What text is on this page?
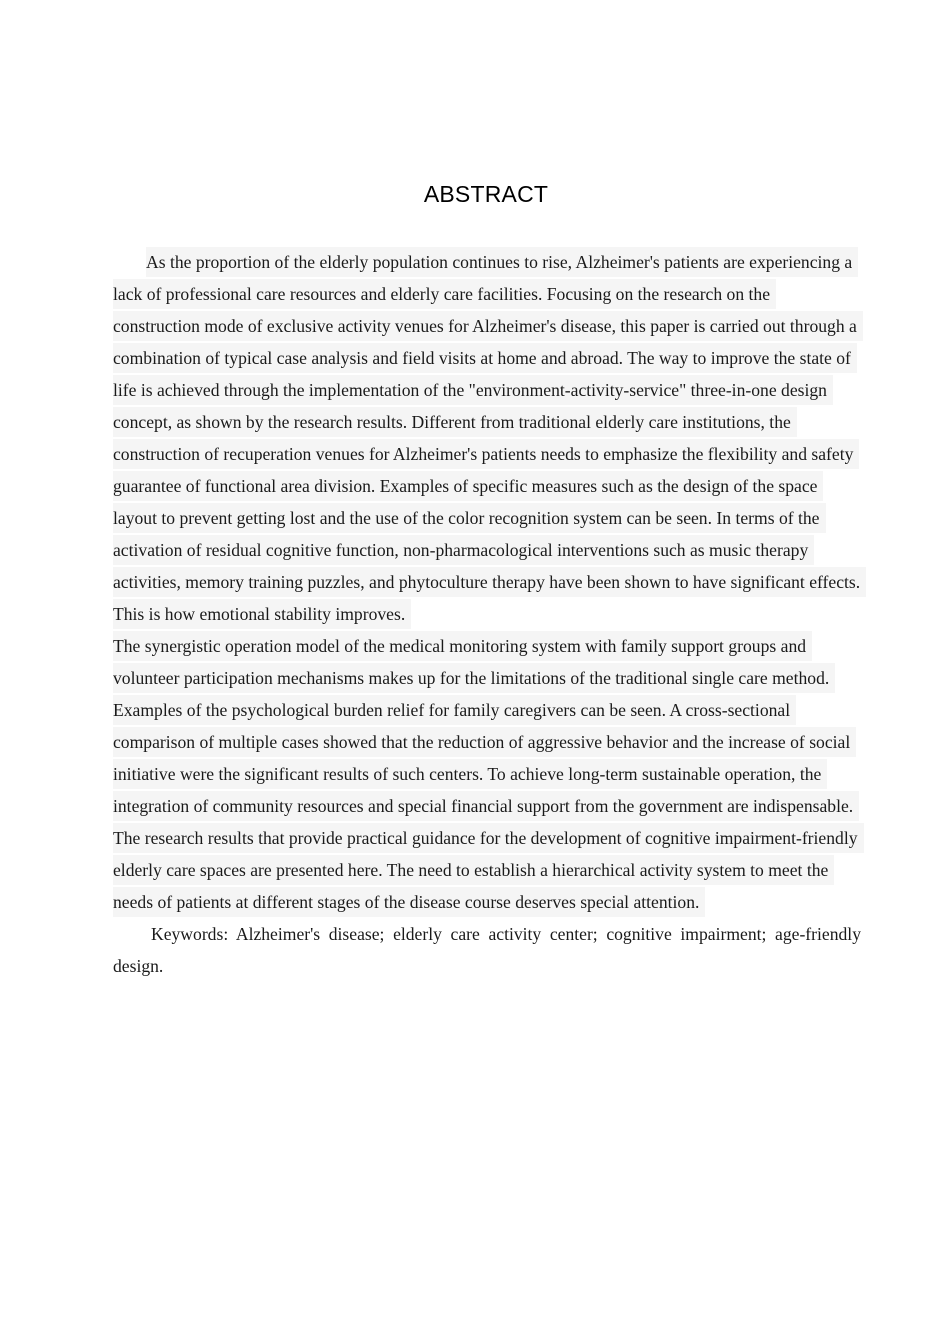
ABSTRACT

As the proportion of the elderly population continues to rise, Alzheimer's patients are experiencing a lack of professional care resources and elderly care facilities. Focusing on the research on the construction mode of exclusive activity venues for Alzheimer's disease, this paper is carried out through a combination of typical case analysis and field visits at home and abroad. The way to improve the state of life is achieved through the implementation of the "environment-activity-service" three-in-one design concept, as shown by the research results. Different from traditional elderly care institutions, the construction of recuperation venues for Alzheimer's patients needs to emphasize the flexibility and safety guarantee of functional area division. Examples of specific measures such as the design of the space layout to prevent getting lost and the use of the color recognition system can be seen. In terms of the activation of residual cognitive function, non-pharmacological interventions such as music therapy activities, memory training puzzles, and phytoculture therapy have been shown to have significant effects. This is how emotional stability improves.

The synergistic operation model of the medical monitoring system with family support groups and volunteer participation mechanisms makes up for the limitations of the traditional single care method. Examples of the psychological burden relief for family caregivers can be seen. A cross-sectional comparison of multiple cases showed that the reduction of aggressive behavior and the increase of social initiative were the significant results of such centers. To achieve long-term sustainable operation, the integration of community resources and special financial support from the government are indispensable.

The research results that provide practical guidance for the development of cognitive impairment-friendly elderly care spaces are presented here. The need to establish a hierarchical activity system to meet the needs of patients at different stages of the disease course deserves special attention.

Keywords: Alzheimer's disease; elderly care activity center; cognitive impairment; age-friendly design.
